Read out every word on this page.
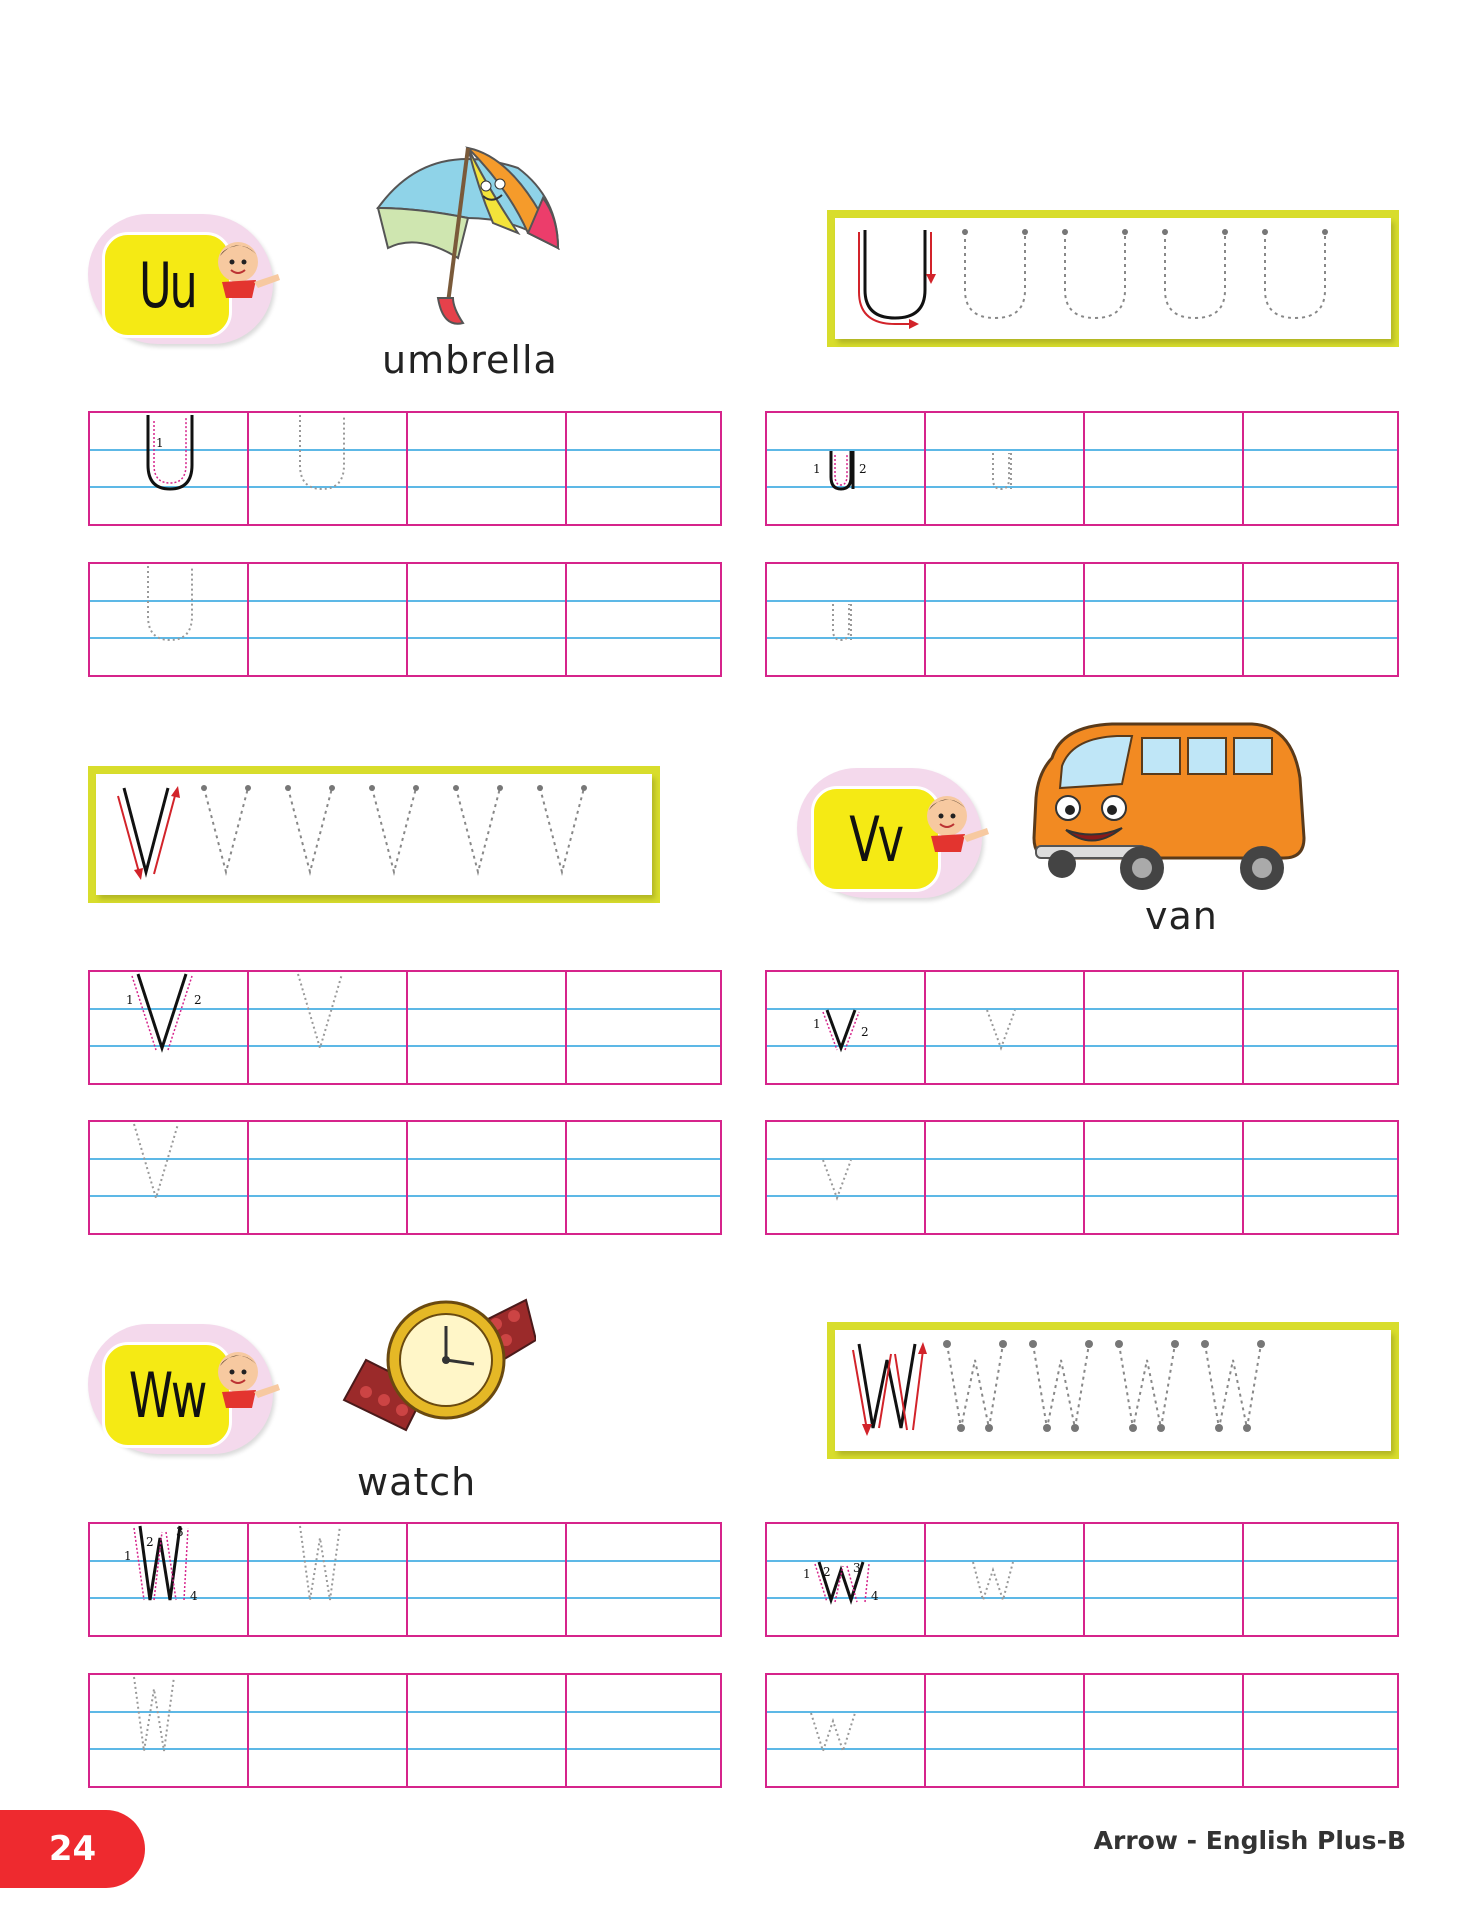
Uu
umbrella
1
1	2
Vv
van
1	2
1
2
Ww
watch
1
2
3
4
1 2 3
4
24	Arrow - English Plus-B
